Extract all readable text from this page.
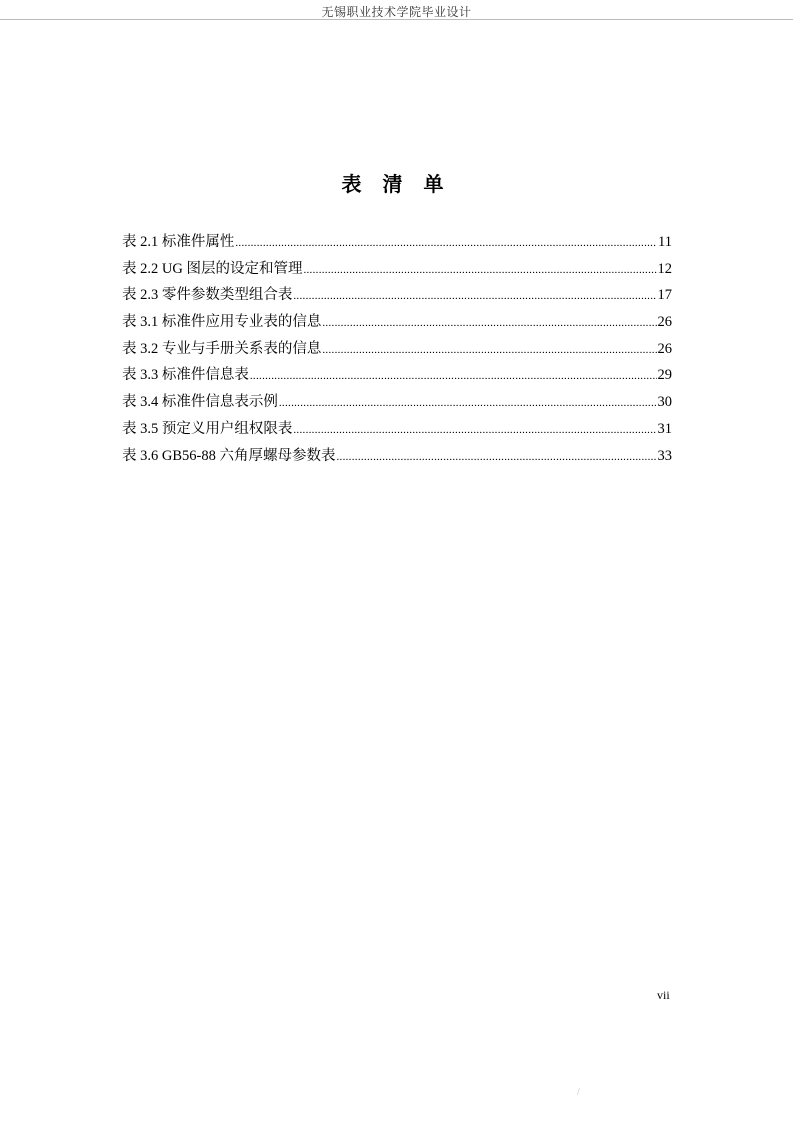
无锡职业技术学院毕业设计
表 清 单
表 2.1 标准件属性 .....	11
表 2.2 UG 图层的设定和管理 .....	12
表 2.3 零件参数类型组合表 .....	17
表 3.1 标准件应用专业表的信息 .....	26
表 3.2 专业与手册关系表的信息 .....	26
表 3.3 标准件信息表 .....	29
表 3.4 标准件信息表示例 .....	30
表 3.5 预定义用户组权限表 .....	31
表 3.6 GB56-88 六角厚螺母参数表 .....	33
vii
/
